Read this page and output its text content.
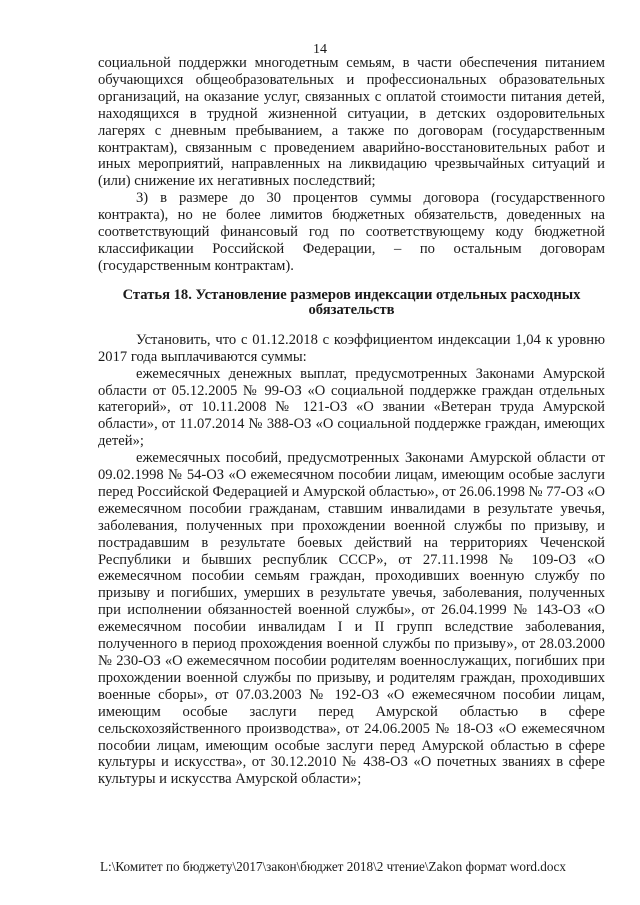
14

социальной поддержки многодетным семьям, в части обеспечения питанием обучающихся общеобразовательных и профессиональных образовательных организаций, на оказание услуг, связанных с оплатой стоимости питания детей, находящихся в трудной жизненной ситуации, в детских оздоровительных лагерях с дневным пребыванием, а также по договорам (государственным контрактам), связанным с проведением аварийно-восстановительных работ и иных мероприятий, направленных на ликвидацию чрезвычайных ситуаций и (или) снижение их негативных последствий;

3) в размере до 30 процентов суммы договора (государственного контракта), но не более лимитов бюджетных обязательств, доведенных на соответствующий финансовый год по соответствующему коду бюджетной классификации Российской Федерации, – по остальным договорам (государственным контрактам).

Статья 18. Установление размеров индексации отдельных расходных обязательств

Установить, что с 01.12.2018 с коэффициентом индексации 1,04 к уровню 2017 года выплачиваются суммы:

ежемесячных денежных выплат, предусмотренных Законами Амурской области от 05.12.2005 № 99-ОЗ «О социальной поддержке граждан отдельных категорий», от 10.11.2008 № 121-ОЗ «О звании «Ветеран труда Амурской области», от 11.07.2014 № 388-ОЗ «О социальной поддержке граждан, имеющих детей»;

ежемесячных пособий, предусмотренных Законами Амурской области от 09.02.1998 № 54-ОЗ «О ежемесячном пособии лицам, имеющим особые заслуги перед Российской Федерацией и Амурской областью», от 26.06.1998 № 77-ОЗ «О ежемесячном пособии гражданам, ставшим инвалидами в результате увечья, заболевания, полученных при прохождении военной службы по призыву, и пострадавшим в результате боевых действий на территориях Чеченской Республики и бывших республик СССР», от 27.11.1998 № 109-ОЗ «О ежемесячном пособии семьям граждан, проходивших военную службу по призыву и погибших, умерших в результате увечья, заболевания, полученных при исполнении обязанностей военной службы», от 26.04.1999 № 143-ОЗ «О ежемесячном пособии инвалидам I и II групп вследствие заболевания, полученного в период прохождения военной службы по призыву», от 28.03.2000 № 230-ОЗ «О ежемесячном пособии родителям военнослужащих, погибших при прохождении военной службы по призыву, и родителям граждан, проходивших военные сборы», от 07.03.2003 № 192-ОЗ «О ежемесячном пособии лицам, имеющим особые заслуги перед Амурской областью в сфере сельскохозяйственного производства», от 24.06.2005 № 18-ОЗ «О ежемесячном пособии лицам, имеющим особые заслуги перед Амурской областью в сфере культуры и искусства», от 30.12.2010 № 438-ОЗ «О почетных званиях в сфере культуры и искусства Амурской области»;

L:\Комитет по бюджету\2017\закон\бюджет 2018\2 чтение\Zakon формат word.docx
